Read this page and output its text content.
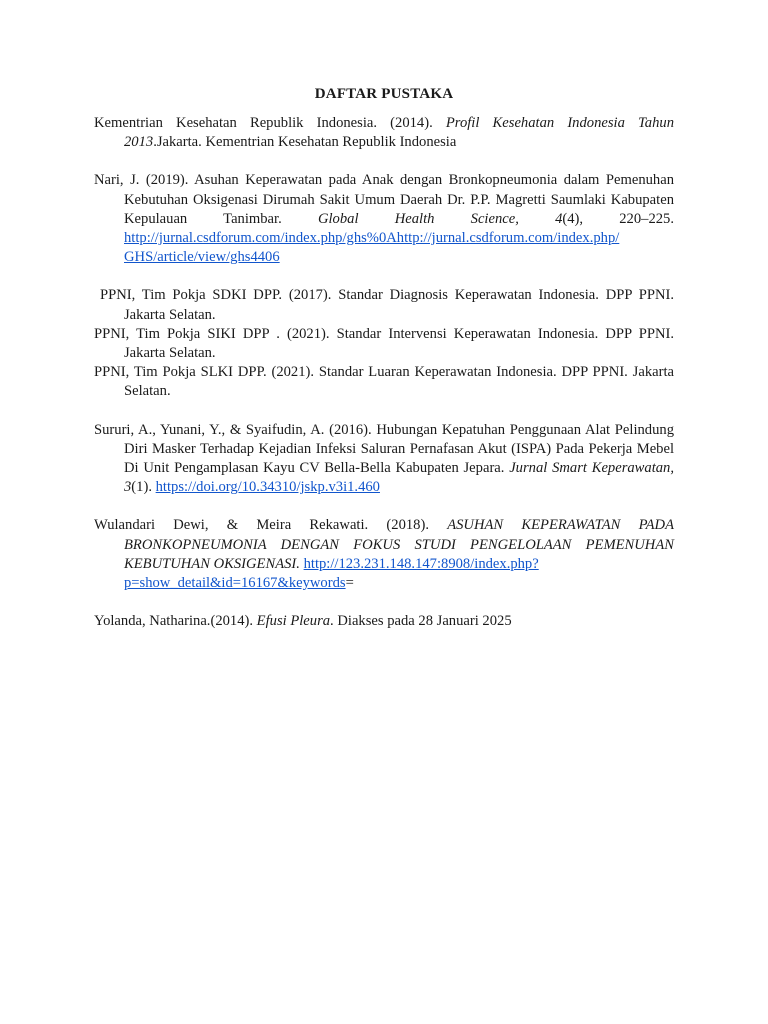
DAFTAR PUSTAKA

Kementrian Kesehatan Republik Indonesia. (2014). Profil Kesehatan Indonesia Tahun 2013.Jakarta. Kementrian Kesehatan Republik Indonesia

Nari, J. (2019). Asuhan Keperawatan pada Anak dengan Bronkopneumonia dalam Pemenuhan Kebutuhan Oksigenasi Dirumah Sakit Umum Daerah Dr. P.P. Magretti Saumlaki Kabupaten Kepulauan Tanimbar. Global Health Science, 4(4), 220–225. http://jurnal.csdforum.com/index.php/ghs%0Ahttp://jurnal.csdforum.com/index.php/
GHS/article/view/ghs4406

PPNI, Tim Pokja SDKI DPP. (2017). Standar Diagnosis Keperawatan Indonesia. DPP PPNI. Jakarta Selatan.

PPNI, Tim Pokja SIKI DPP . (2021). Standar Intervensi Keperawatan Indonesia. DPP PPNI. Jakarta Selatan.

PPNI, Tim Pokja SLKI DPP. (2021). Standar Luaran Keperawatan Indonesia. DPP PPNI. Jakarta Selatan.

Sururi, A., Yunani, Y., & Syaifudin, A. (2016). Hubungan Kepatuhan Penggunaan Alat Pelindung Diri Masker Terhadap Kejadian Infeksi Saluran Pernafasan Akut (ISPA) Pada Pekerja Mebel Di Unit Pengamplasan Kayu CV Bella-Bella Kabupaten Jepara. Jurnal Smart Keperawatan, 3(1). https://doi.org/10.34310/jskp.v3i1.460

Wulandari Dewi, & Meira Rekawati. (2018). ASUHAN KEPERAWATAN PADA BRONKOPNEUMONIA DENGAN FOKUS STUDI PENGELOLAAN PEMENUHAN KEBUTUHAN OKSIGENASI. http://123.231.148.147:8908/index.php?
p=show_detail&id=16167&keywords=

Yolanda, Natharina.(2014). Efusi Pleura. Diakses pada 28 Januari 2025
